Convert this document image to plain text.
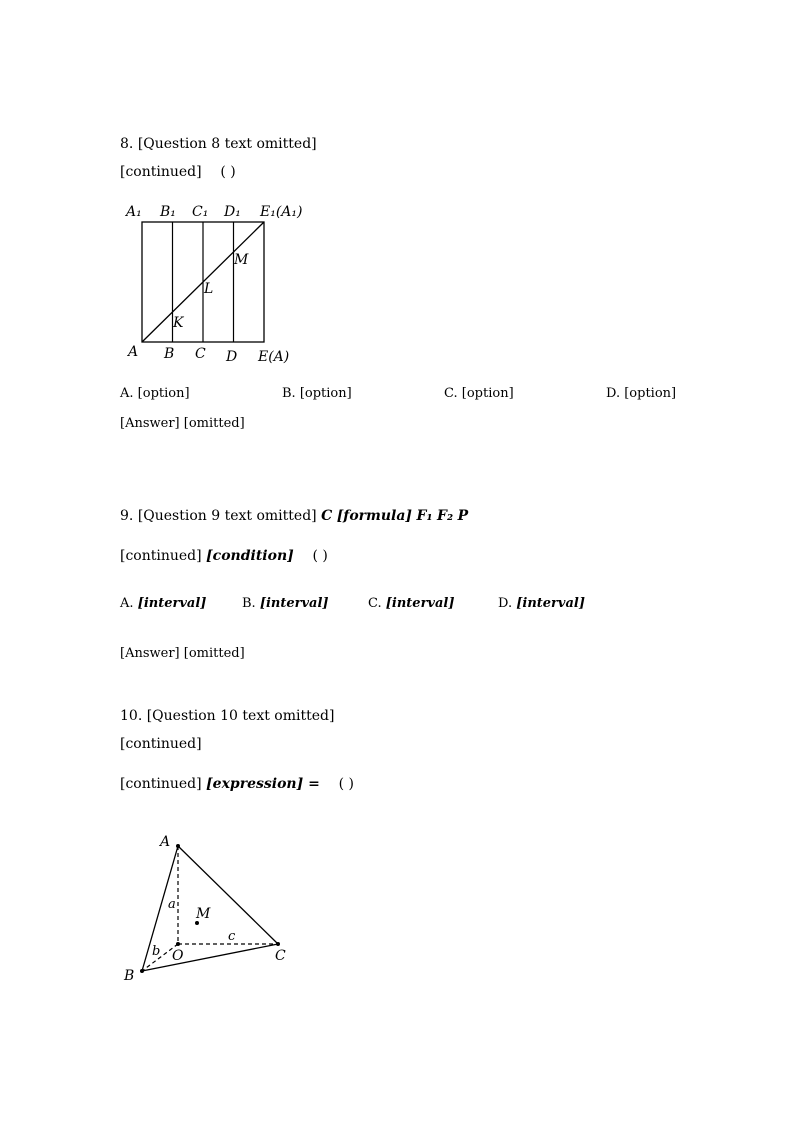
8. [Question 8 text omitted]
[continued] ( )
A₁ B₁ C₁ D₁ E₁(A₁)
A B C D E(A)
K
L
M
A. [option]	B. [option]	C. [option]	D. [option]
[Answer] [omitted]
9. [Question 9 text omitted] C [formula] F₁ F₂ P
[continued] [condition] ( )
A. [interval]	B. [interval]	C. [interval]	D. [interval]
[Answer] [omitted]
10. [Question 10 text omitted]
[continued]
[continued] [expression] = ( )
A
B
C
O
M
a
b
c
